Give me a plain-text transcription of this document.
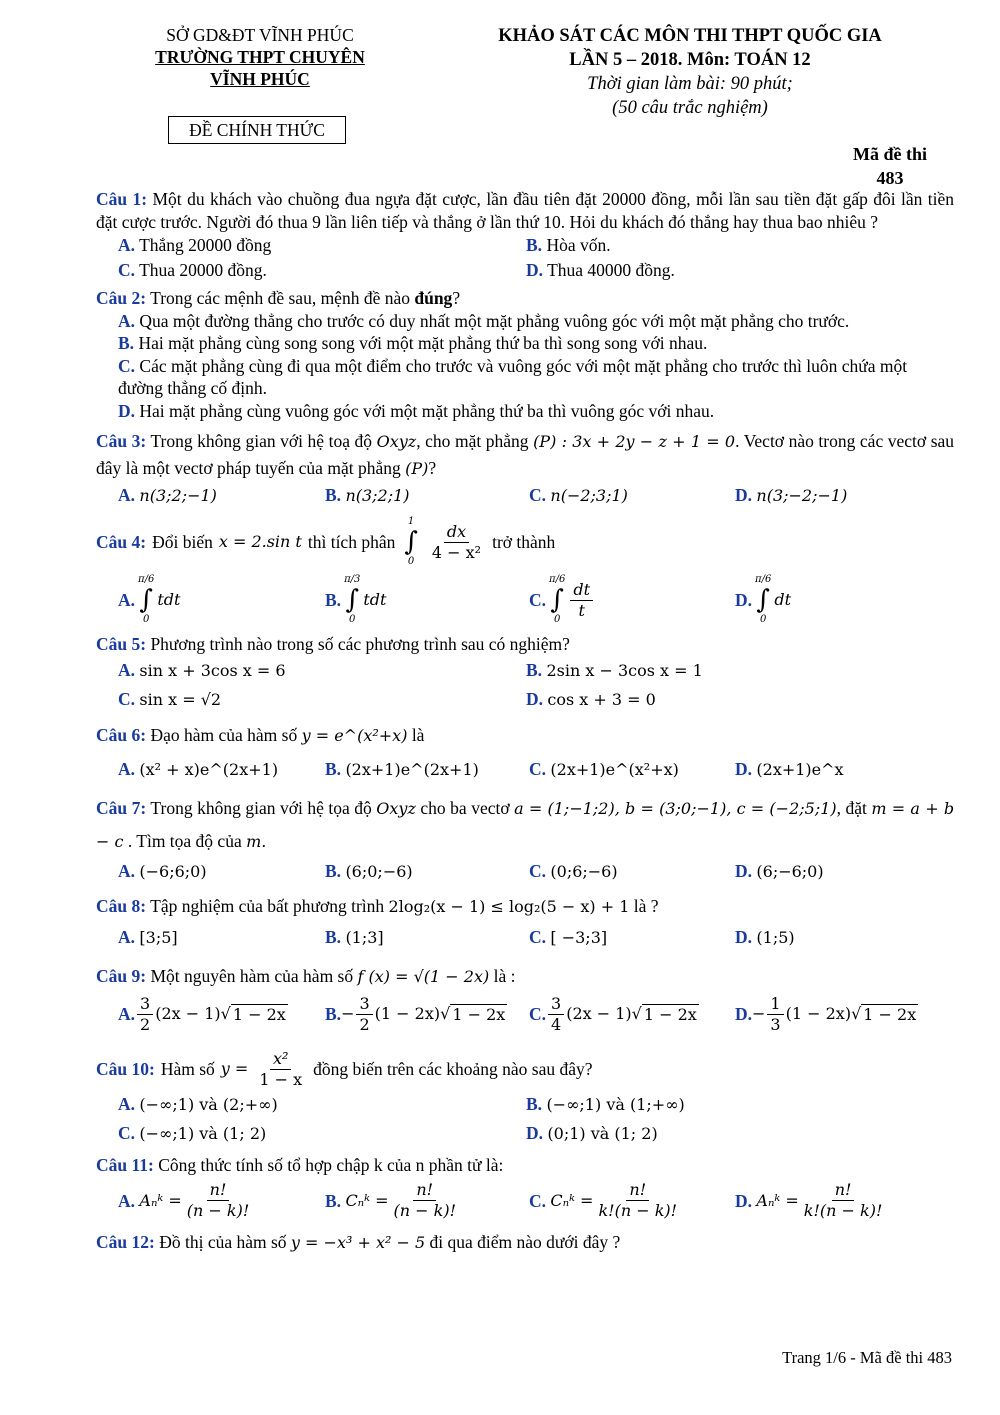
SỞ GD&ĐT VĨNH PHÚC
TRƯỜNG THPT CHUYÊN
VĨNH PHÚC
ĐỀ CHÍNH THỨC
KHẢO SÁT CÁC MÔN THI THPT QUỐC GIA
LẦN 5 – 2018. Môn: TOÁN 12
Thời gian làm bài: 90 phút;
(50 câu trắc nghiệm)
Mã đề thi
483
Câu 1: Một du khách vào chuồng đua ngựa đặt cược, lần đầu tiên đặt 20000 đồng, mỗi lần sau tiền đặt gấp đôi lần tiền đặt cược trước. Người đó thua 9 lần liên tiếp và thắng ở lần thứ 10. Hỏi du khách đó thắng hay thua bao nhiêu ?
A. Thắng 20000 đồng	B. Hòa vốn.
C. Thua 20000 đồng.	D. Thua 40000 đồng.
Câu 2: Trong các mệnh đề sau, mệnh đề nào đúng?
A. Qua một đường thẳng cho trước có duy nhất một mặt phẳng vuông góc với một mặt phẳng cho trước.
B. Hai mặt phẳng cùng song song với một mặt phẳng thứ ba thì song song với nhau.
C. Các mặt phẳng cùng đi qua một điểm cho trước và vuông góc với một mặt phẳng cho trước thì luôn chứa một đường thẳng cố định.
D. Hai mặt phẳng cùng vuông góc với một mặt phẳng thứ ba thì vuông góc với nhau.
Câu 3: Trong không gian với hệ toạ độ Oxyz, cho mặt phẳng (P) : 3x + 2y − z + 1 = 0. Vectơ nào trong các vectơ sau đây là một vectơ pháp tuyến của mặt phẳng (P)?
A. n(3;2;−1)	B. n(3;2;1)	C. n(−2;3;1)	D. n(3;−2;−1)
Câu 4: Đổi biến x = 2.sin t thì tích phân
1
∫
$0 \frac{dx}{\text{4 − x²}}$ trở thành
A.
π/6
∫
0
tdt	B.
π/3
∫
0
tdt	C.
π/6
∫
$0 \frac{dt}{t}$	D.
π/6
∫
0
dt
Câu 5: Phương trình nào trong số các phương trình sau có nghiệm?
A. sin x + 3cos x = 6	B. 2sin x − 3cos x = 1
C. sin x = √2	D. cos x + 3 = 0
Câu 6: Đạo hàm của hàm số y = e^(x²+x) là
A. (x² + x)e^(2x+1)	B. (2x+1)e^(2x+1)	C. (2x+1)e^(x²+x)	D. (2x+1)e^x
Câu 7: Trong không gian với hệ tọa độ Oxyz cho ba vectơ a = (1;−1;2), b = (3;0;−1), c = (−2;5;1), đặt m = a + b − c . Tìm tọa độ của m.
A. (−6;6;0)	B. (6;0;−6)	C. (0;6;−6)	D. (6;−6;0)
Câu 8: Tập nghiệm của bất phương trình 2log₂(x − 1) ≤ log₂(5 − x) + 1 là ?
A. [3;5]	B. (1;3]	C. [ −3;3]	D. (1;5)
Câu 9: Một nguyên hàm của hàm số f (x) = √(1 − 2x) là :
A. $\frac{3}{2} (2x - 1)$ √ 1 − 2x B. − $\frac{3}{2} (1 - 2x)$ √ 1 − 2x C. $\frac{3}{4} (2x - 1)$ √ 1 − 2x D. − $\frac{1}{3} (1 - 2x)$ √ 1 − 2x
Câu 10: Hàm số $y = \frac{\text{x²}}{1 - x}$ đồng biến trên các khoảng nào sau đây?
A. (−∞;1) và (2;+∞)	B. (−∞;1) và (1;+∞)
C. (−∞;1) và (1; 2)	D. (0;1) và (1; 2)
Câu 11: Công thức tính số tổ hợp chập k của n phần tử là:
A.
Aₙᵏ = $\frac{n!}{(n - k)!}$	B.
Cₙᵏ = $\frac{n!}{(n - k)!}$	C.
Cₙᵏ = $\frac{n!}{k!(n - k)!}$	D.
Aₙᵏ = $\frac{n!}{k!(n - k)!}$
Câu 12: Đồ thị của hàm số y = −x³ + x² − 5 đi qua điểm nào dưới đây ?
Trang 1/6 - Mã đề thi 483
